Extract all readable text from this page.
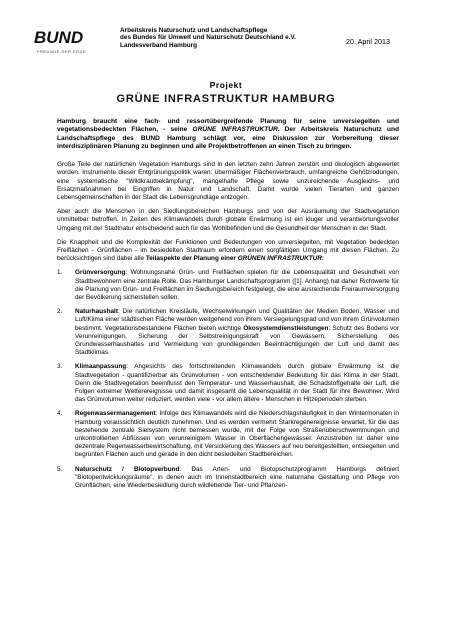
BUND
FREUNDE DER ERDE
Arbeitskreis Naturschutz und Landschaftspflege
des Bundes für Umwelt und Naturschutz Deutschland e.V.
Landesverband Hamburg	20. April 2013
Projekt
GRÜNE INFRASTRUKTUR HAMBURG

Hamburg braucht eine fach- und ressortübergreifende Planung für seine unversiegelten und vegetationsbedeckten Flächen, - seine GRÜNE INFRASTRUKTUR. Der Arbeitskreis Naturschutz und Landschaftspflege des BUND Hamburg schlägt vor, eine Diskussion zur Vorbereitung dieser interdisziplinären Planung zu beginnen und alle Projektbetroffenen an einen Tisch zu bringen.

Große Teile der natürlichen Vegetation Hamburgs sind in den letzten zehn Jahren zerstört und ökologisch abgewertet worden. Instrumente dieser Entgrünungspolitik waren: übermäßiger Flächenverbrauch, umfangreiche Gehölzrodungen, eine systematische "Wildkrautbekämpfung", mangelhafte Pflege sowie unzureichende Ausgleichs- und Ersatzmaßnahmen bei Eingriffen in Natur und Landschaft. Damit wurde vielen Tierarten und ganzen Lebensgemeinschaften in der Stadt die Lebensgrundlage entzogen.

Aber auch die Menschen in den Siedlungsbereichen Hamburgs sind von der Ausräumung der Stadtvegetation unmittelbar betroffen. In Zeiten des Klimawandels durch globale Erwärmung ist ein kluger und verantwortungsvoller Umgang mit der Stadtnatur entscheidend auch für das Wohlbefinden und die Gesundheit der Menschen in der Stadt.

Die Knappheit und die Komplexität der Funktionen und Bedeutungen von unversiegelten, mit Vegetation bedeckten Freiflächen - Grünflächen - im besiedelten Stadtraum erfordern einen sorgfältigen Umgang mit diesen Flächen. Zu berücksichtigen sind dabei alle Teilaspekte der Planung einer GRÜNEN INFRASTRUKTUR:

1. Grünversorgung: Wohnungsnahe Grün- und Freiflächen spielen für die Lebensqualität und Gesundheit von Stadtbewohnern eine zentrale Rolle. Das Hamburger Landschaftsprogramm ([1]. Anhang) hat daher Richtwerte für die Planung von Grün- und Freiflächen im Siedlungsbereich festgelegt, die eine ausreichende Freiraumversorgung der Bevölkerung sicherstellen sollen.
2. Naturhaushalt: Die natürlichen Kreisläufe, Wechselwirkungen und Qualitäten der Medien Boden, Wasser und Luft/Klima einer städtischen Fläche werden weitgehend von ihrem Versiegelungsgrad und von ihrem Grünvolumen bestimmt. Vegetationsbestandene Flächen bieten wichtige Ökosystemdienstleistungen: Schutz des Bodens vor Verunreinigungen, Sicherung der Selbstreinigungskraft von Gewässern, Sicherstellung des Grundwasserhaushaltes und Vermeidung von grundlegenden Beeinträchtigungen der Luft und damit des Stadtklimas.
3. Klimaanpassung: Angesichts des fortschreitenden Klimawandels durch globale Erwärmung ist die Stadtvegetation - quantifizierbar als Grünvolumen - von entscheidender Bedeutung für das Klima in der Stadt. Denn die Stadtvegetation beeinflusst den Temperatur- und Wasserhaushalt, die Schadstoffgehalte der Luft, die Folgen extremer Wetterereignisse und damit insgesamt die Lebensqualität in der Stadt für ihre Bewohner. Wird das Grünvolumen weiter reduziert, werden viele - vor allem ältere - Menschen in Hitzeperioden sterben.
4. Regenwassermanagement: Infolge des Klimawandels wird die Niederschlagshäufigkeit in den Wintermonaten in Hamburg voraussichtlich deutlich zunehmen. Und es werden vermehrt Starkregenereignisse erwartet, für die das bestehende zentrale Sielsystem nicht bemessen wurde, mit der Folge von Straßenüberschwemmungen und unkontrollierten Abflüssen von verunreinigtem Wasser in Oberflächengewässer. Anzustreben ist daher eine dezentrale Regenwasserbewirtschaftung, mit Versickerung des Wassers auf neu bereitgestellten, entsiegelten und begrünten Flächen auch und gerade in den dicht besiedelten Stadtbereichen.
5. Naturschutz / Biotopverbund: Das Arten- und Biotopschutzprogramm Hamburgs definiert "Biotopentwicklungsräume", in denen auch im Innenstadtbereich eine naturnahe Gestaltung und Pflege von Grünflächen, eine Wiederbesiedlung durch wildlebende Tier- und Pflanzen-
